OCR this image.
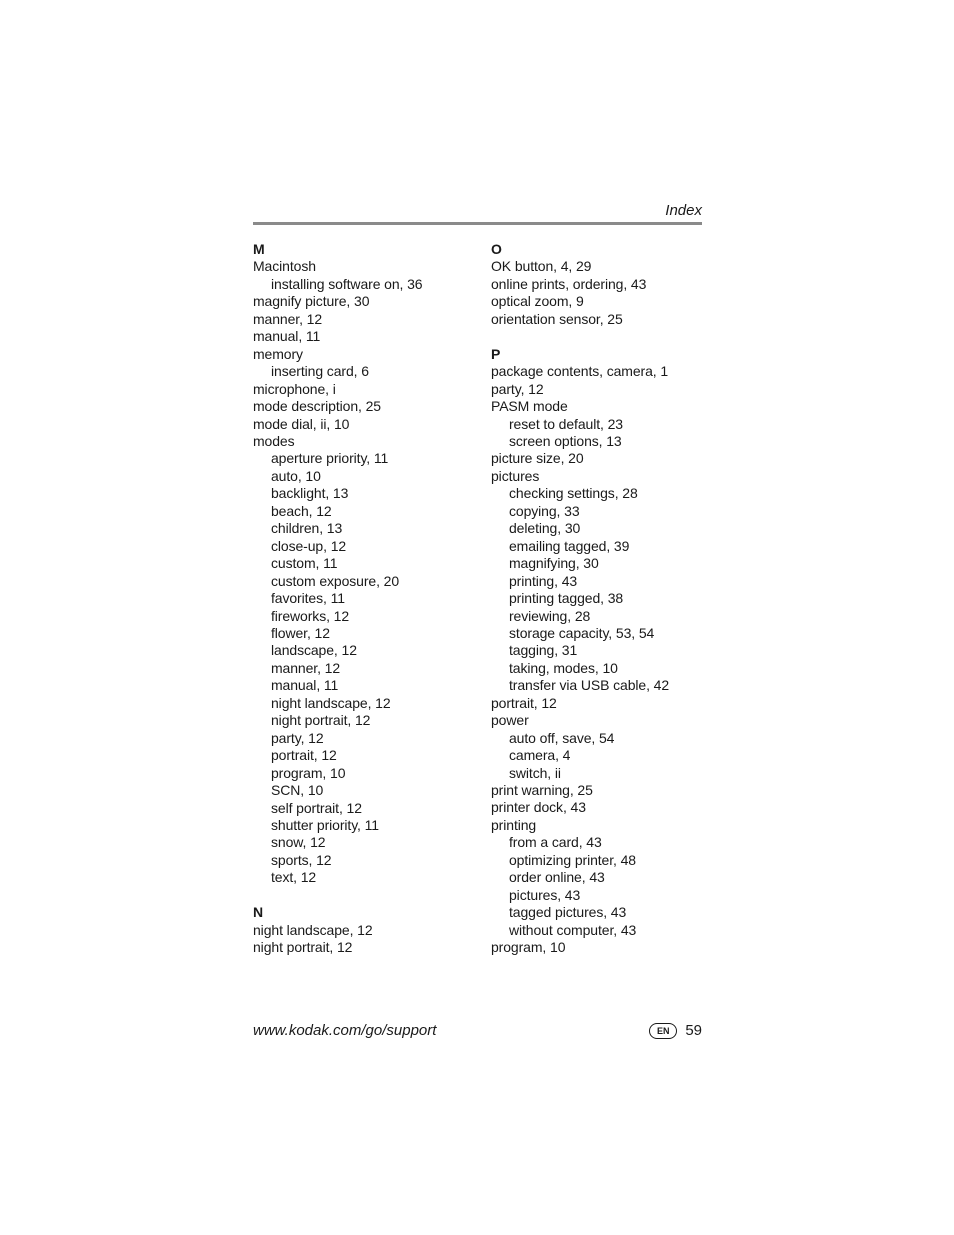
Index
M
Macintosh
installing software on, 36
magnify picture, 30
manner, 12
manual, 11
memory
inserting card, 6
microphone, i
mode description, 25
mode dial, ii, 10
modes
aperture priority, 11
auto, 10
backlight, 13
beach, 12
children, 13
close-up, 12
custom, 11
custom exposure, 20
favorites, 11
fireworks, 12
flower, 12
landscape, 12
manner, 12
manual, 11
night landscape, 12
night portrait, 12
party, 12
portrait, 12
program, 10
SCN, 10
self portrait, 12
shutter priority, 11
snow, 12
sports, 12
text, 12
N
night landscape, 12
night portrait, 12
O
OK button, 4, 29
online prints, ordering, 43
optical zoom, 9
orientation sensor, 25
P
package contents, camera, 1
party, 12
PASM mode
reset to default, 23
screen options, 13
picture size, 20
pictures
checking settings, 28
copying, 33
deleting, 30
emailing tagged, 39
magnifying, 30
printing, 43
printing tagged, 38
reviewing, 28
storage capacity, 53, 54
tagging, 31
taking, modes, 10
transfer via USB cable, 42
portrait, 12
power
auto off, save, 54
camera, 4
switch, ii
print warning, 25
printer dock, 43
printing
from a card, 43
optimizing printer, 48
order online, 43
pictures, 43
tagged pictures, 43
without computer, 43
program, 10
www.kodak.com/go/support	EN	59
